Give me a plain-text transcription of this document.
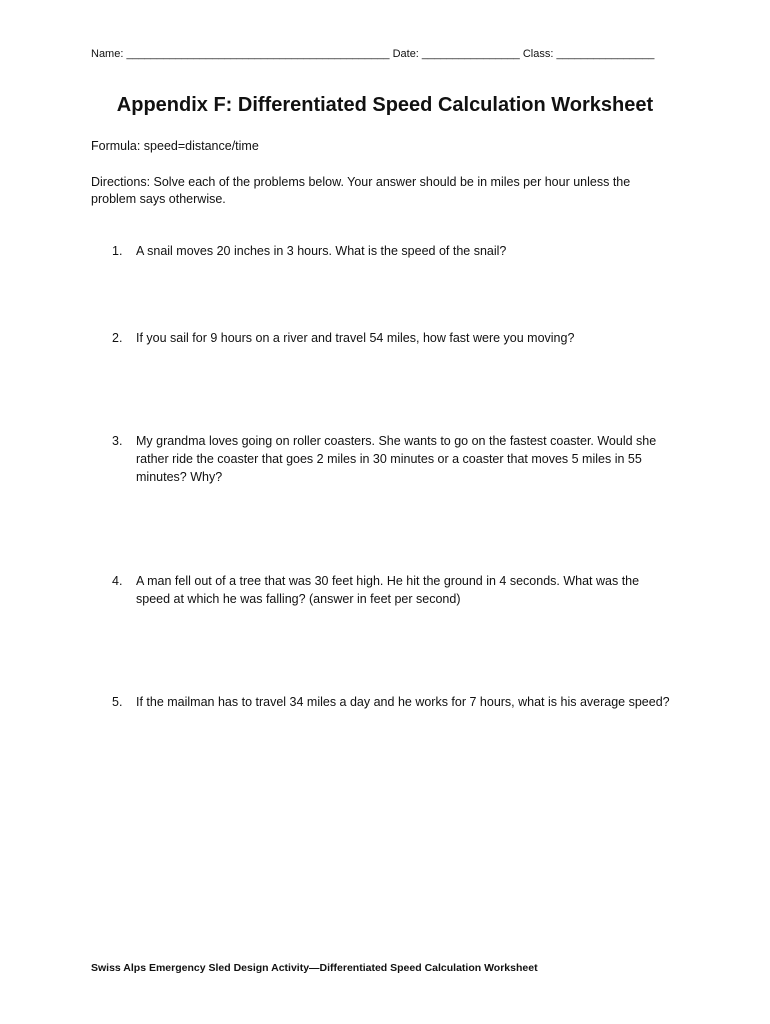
Name: ___________________________________________ Date: ________________ Class: ________________
Appendix F: Differentiated Speed Calculation Worksheet
Formula: speed=distance/time
Directions: Solve each of the problems below. Your answer should be in miles per hour unless the problem says otherwise.
1.	A snail moves 20 inches in 3 hours. What is the speed of the snail?
2.	If you sail for 9 hours on a river and travel 54 miles, how fast were you moving?
3.	My grandma loves going on roller coasters. She wants to go on the fastest coaster. Would she rather ride the coaster that goes 2 miles in 30 minutes or a coaster that moves 5 miles in 55 minutes? Why?
4.	A man fell out of a tree that was 30 feet high. He hit the ground in 4 seconds. What was the speed at which he was falling? (answer in feet per second)
5.	If the mailman has to travel 34 miles a day and he works for 7 hours, what is his average speed?
Swiss Alps Emergency Sled Design Activity—Differentiated Speed Calculation Worksheet
